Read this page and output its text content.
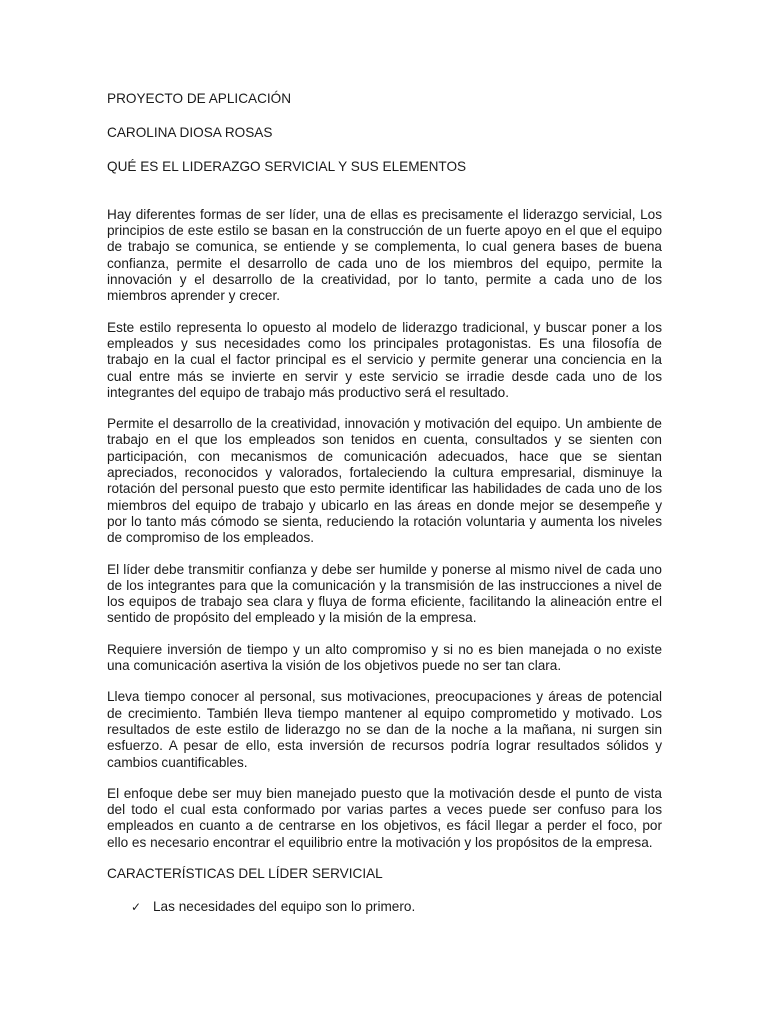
PROYECTO DE APLICACIÓN

CAROLINA DIOSA ROSAS

QUÉ ES EL LIDERAZGO SERVICIAL Y SUS ELEMENTOS

Hay diferentes formas de ser líder, una de ellas es precisamente el liderazgo servicial, Los principios de este estilo se basan en la construcción de un fuerte apoyo en el que el equipo de trabajo se comunica, se entiende y se complementa, lo cual genera bases de buena confianza, permite el desarrollo de cada uno de los miembros del equipo, permite la innovación y el desarrollo de la creatividad, por lo tanto, permite a cada uno de los miembros aprender y crecer.

Este estilo representa lo opuesto al modelo de liderazgo tradicional, y buscar poner a los empleados y sus necesidades como los principales protagonistas. Es una filosofía de trabajo en la cual el factor principal es el servicio y permite generar una conciencia en la cual entre más se invierte en servir y este servicio se irradie desde cada uno de los integrantes del equipo de trabajo más productivo será el resultado.

Permite el desarrollo de la creatividad, innovación y motivación del equipo. Un ambiente de trabajo en el que los empleados son tenidos en cuenta, consultados y se sienten con participación, con mecanismos de comunicación adecuados, hace que se sientan apreciados, reconocidos y valorados, fortaleciendo la cultura empresarial, disminuye la rotación del personal puesto que esto permite identificar las habilidades de cada uno de los miembros del equipo de trabajo y ubicarlo en las áreas en donde mejor se desempeñe y por lo tanto más cómodo se sienta, reduciendo la rotación voluntaria y aumenta los niveles de compromiso de los empleados.

El líder debe transmitir confianza y debe ser humilde y ponerse al mismo nivel de cada uno de los integrantes para que la comunicación y la transmisión de las instrucciones a nivel de los equipos de trabajo sea clara y fluya de forma eficiente, facilitando la alineación entre el sentido de propósito del empleado y la misión de la empresa.

Requiere inversión de tiempo y un alto compromiso y si no es bien manejada o no existe una comunicación asertiva la visión de los objetivos puede no ser tan clara.

Lleva tiempo conocer al personal, sus motivaciones, preocupaciones y áreas de potencial de crecimiento. También lleva tiempo mantener al equipo comprometido y motivado. Los resultados de este estilo de liderazgo no se dan de la noche a la mañana, ni surgen sin esfuerzo. A pesar de ello, esta inversión de recursos podría lograr resultados sólidos y cambios cuantificables.

El enfoque debe ser muy bien manejado puesto que la motivación desde el punto de vista del todo el cual esta conformado por varias partes a veces puede ser confuso para los empleados en cuanto a de centrarse en los objetivos, es fácil llegar a perder el foco, por ello es necesario encontrar el equilibrio entre la motivación y los propósitos de la empresa.

CARACTERÍSTICAS DEL LÍDER SERVICIAL

✓ Las necesidades del equipo son lo primero.
